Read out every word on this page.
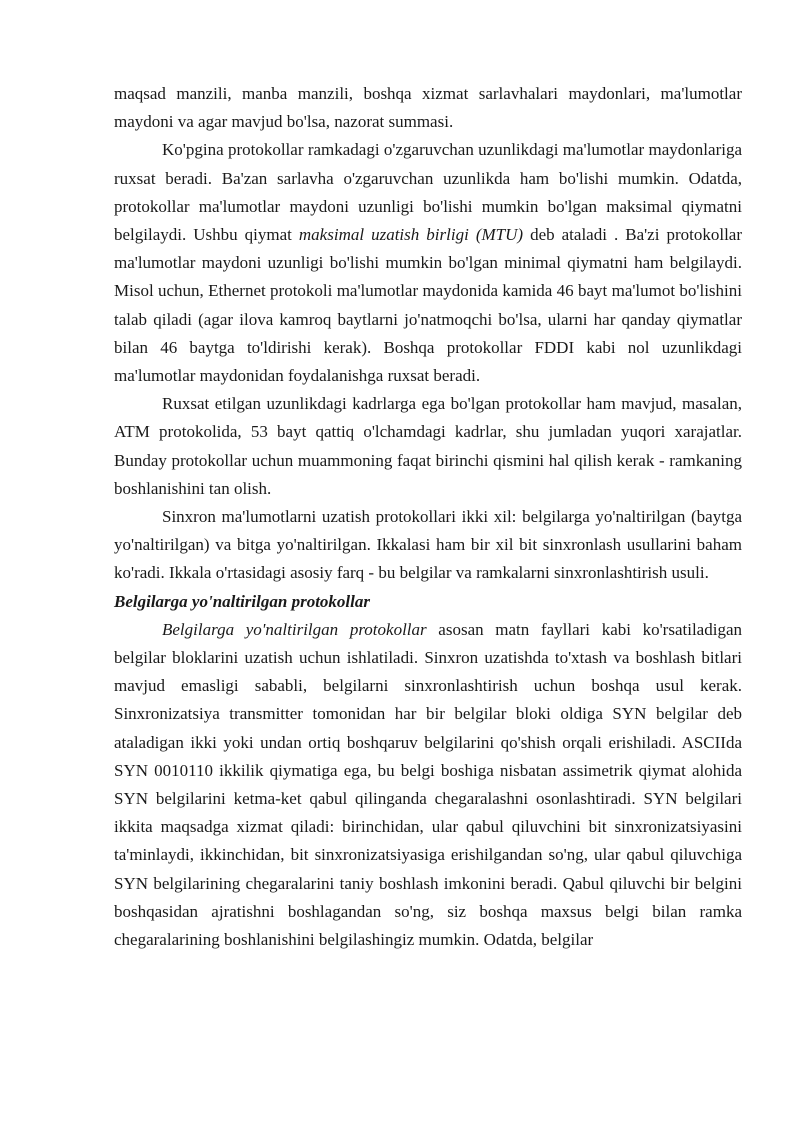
maqsad manzili, manba manzili, boshqa xizmat sarlavhalari maydonlari, ma'lumotlar maydoni va agar mavjud bo'lsa, nazorat summasi.

Ko'pgina protokollar ramkadagi o'zgaruvchan uzunlikdagi ma'lumotlar maydonlariga ruxsat beradi. Ba'zan sarlavha o'zgaruvchan uzunlikda ham bo'lishi mumkin. Odatda, protokollar ma'lumotlar maydoni uzunligi bo'lishi mumkin bo'lgan maksimal qiymatni belgilaydi. Ushbu qiymat maksimal uzatish birligi (MTU) deb ataladi . Ba'zi protokollar ma'lumotlar maydoni uzunligi bo'lishi mumkin bo'lgan minimal qiymatni ham belgilaydi. Misol uchun, Ethernet protokoli ma'lumotlar maydonida kamida 46 bayt ma'lumot bo'lishini talab qiladi (agar ilova kamroq baytlarni jo'natmoqchi bo'lsa, ularni har qanday qiymatlar bilan 46 baytga to'ldirishi kerak). Boshqa protokollar FDDI kabi nol uzunlikdagi ma'lumotlar maydonidan foydalanishga ruxsat beradi.

Ruxsat etilgan uzunlikdagi kadrlarga ega bo'lgan protokollar ham mavjud, masalan, ATM protokolida, 53 bayt qattiq o'lchamdagi kadrlar, shu jumladan yuqori xarajatlar. Bunday protokollar uchun muammoning faqat birinchi qismini hal qilish kerak - ramkaning boshlanishini tan olish.

Sinxron ma'lumotlarni uzatish protokollari ikki xil: belgilarga yo'naltirilgan (baytga yo'naltirilgan) va bitga yo'naltirilgan. Ikkalasi ham bir xil bit sinxronlash usullarini baham ko'radi. Ikkala o'rtasidagi asosiy farq - bu belgilar va ramkalarni sinxronlashtirish usuli.

Belgilarga yo'naltirilgan protokollar

Belgilarga yo'naltirilgan protokollar asosan matn fayllari kabi ko'rsatiladigan belgilar bloklarini uzatish uchun ishlatiladi. Sinxron uzatishda to'xtash va boshlash bitlari mavjud emasligi sababli, belgilarni sinxronlashtirish uchun boshqa usul kerak. Sinxronizatsiya transmitter tomonidan har bir belgilar bloki oldiga SYN belgilar deb ataladigan ikki yoki undan ortiq boshqaruv belgilarini qo'shish orqali erishiladi. ASCIIda SYN 0010110 ikkilik qiymatiga ega, bu belgi boshiga nisbatan assimetrik qiymat alohida SYN belgilarini ketma-ket qabul qilinganda chegaralashni osonlashtiradi. SYN belgilari ikkita maqsadga xizmat qiladi: birinchidan, ular qabul qiluvchini bit sinxronizatsiyasini ta'minlaydi, ikkinchidan, bit sinxronizatsiyasiga erishilgandan so'ng, ular qabul qiluvchiga SYN belgilarining chegaralarini taniy boshlash imkonini beradi. Qabul qiluvchi bir belgini boshqasidan ajratishni boshlagandan so'ng, siz boshqa maxsus belgi bilan ramka chegaralarining boshlanishini belgilashingiz mumkin. Odatda, belgilar
